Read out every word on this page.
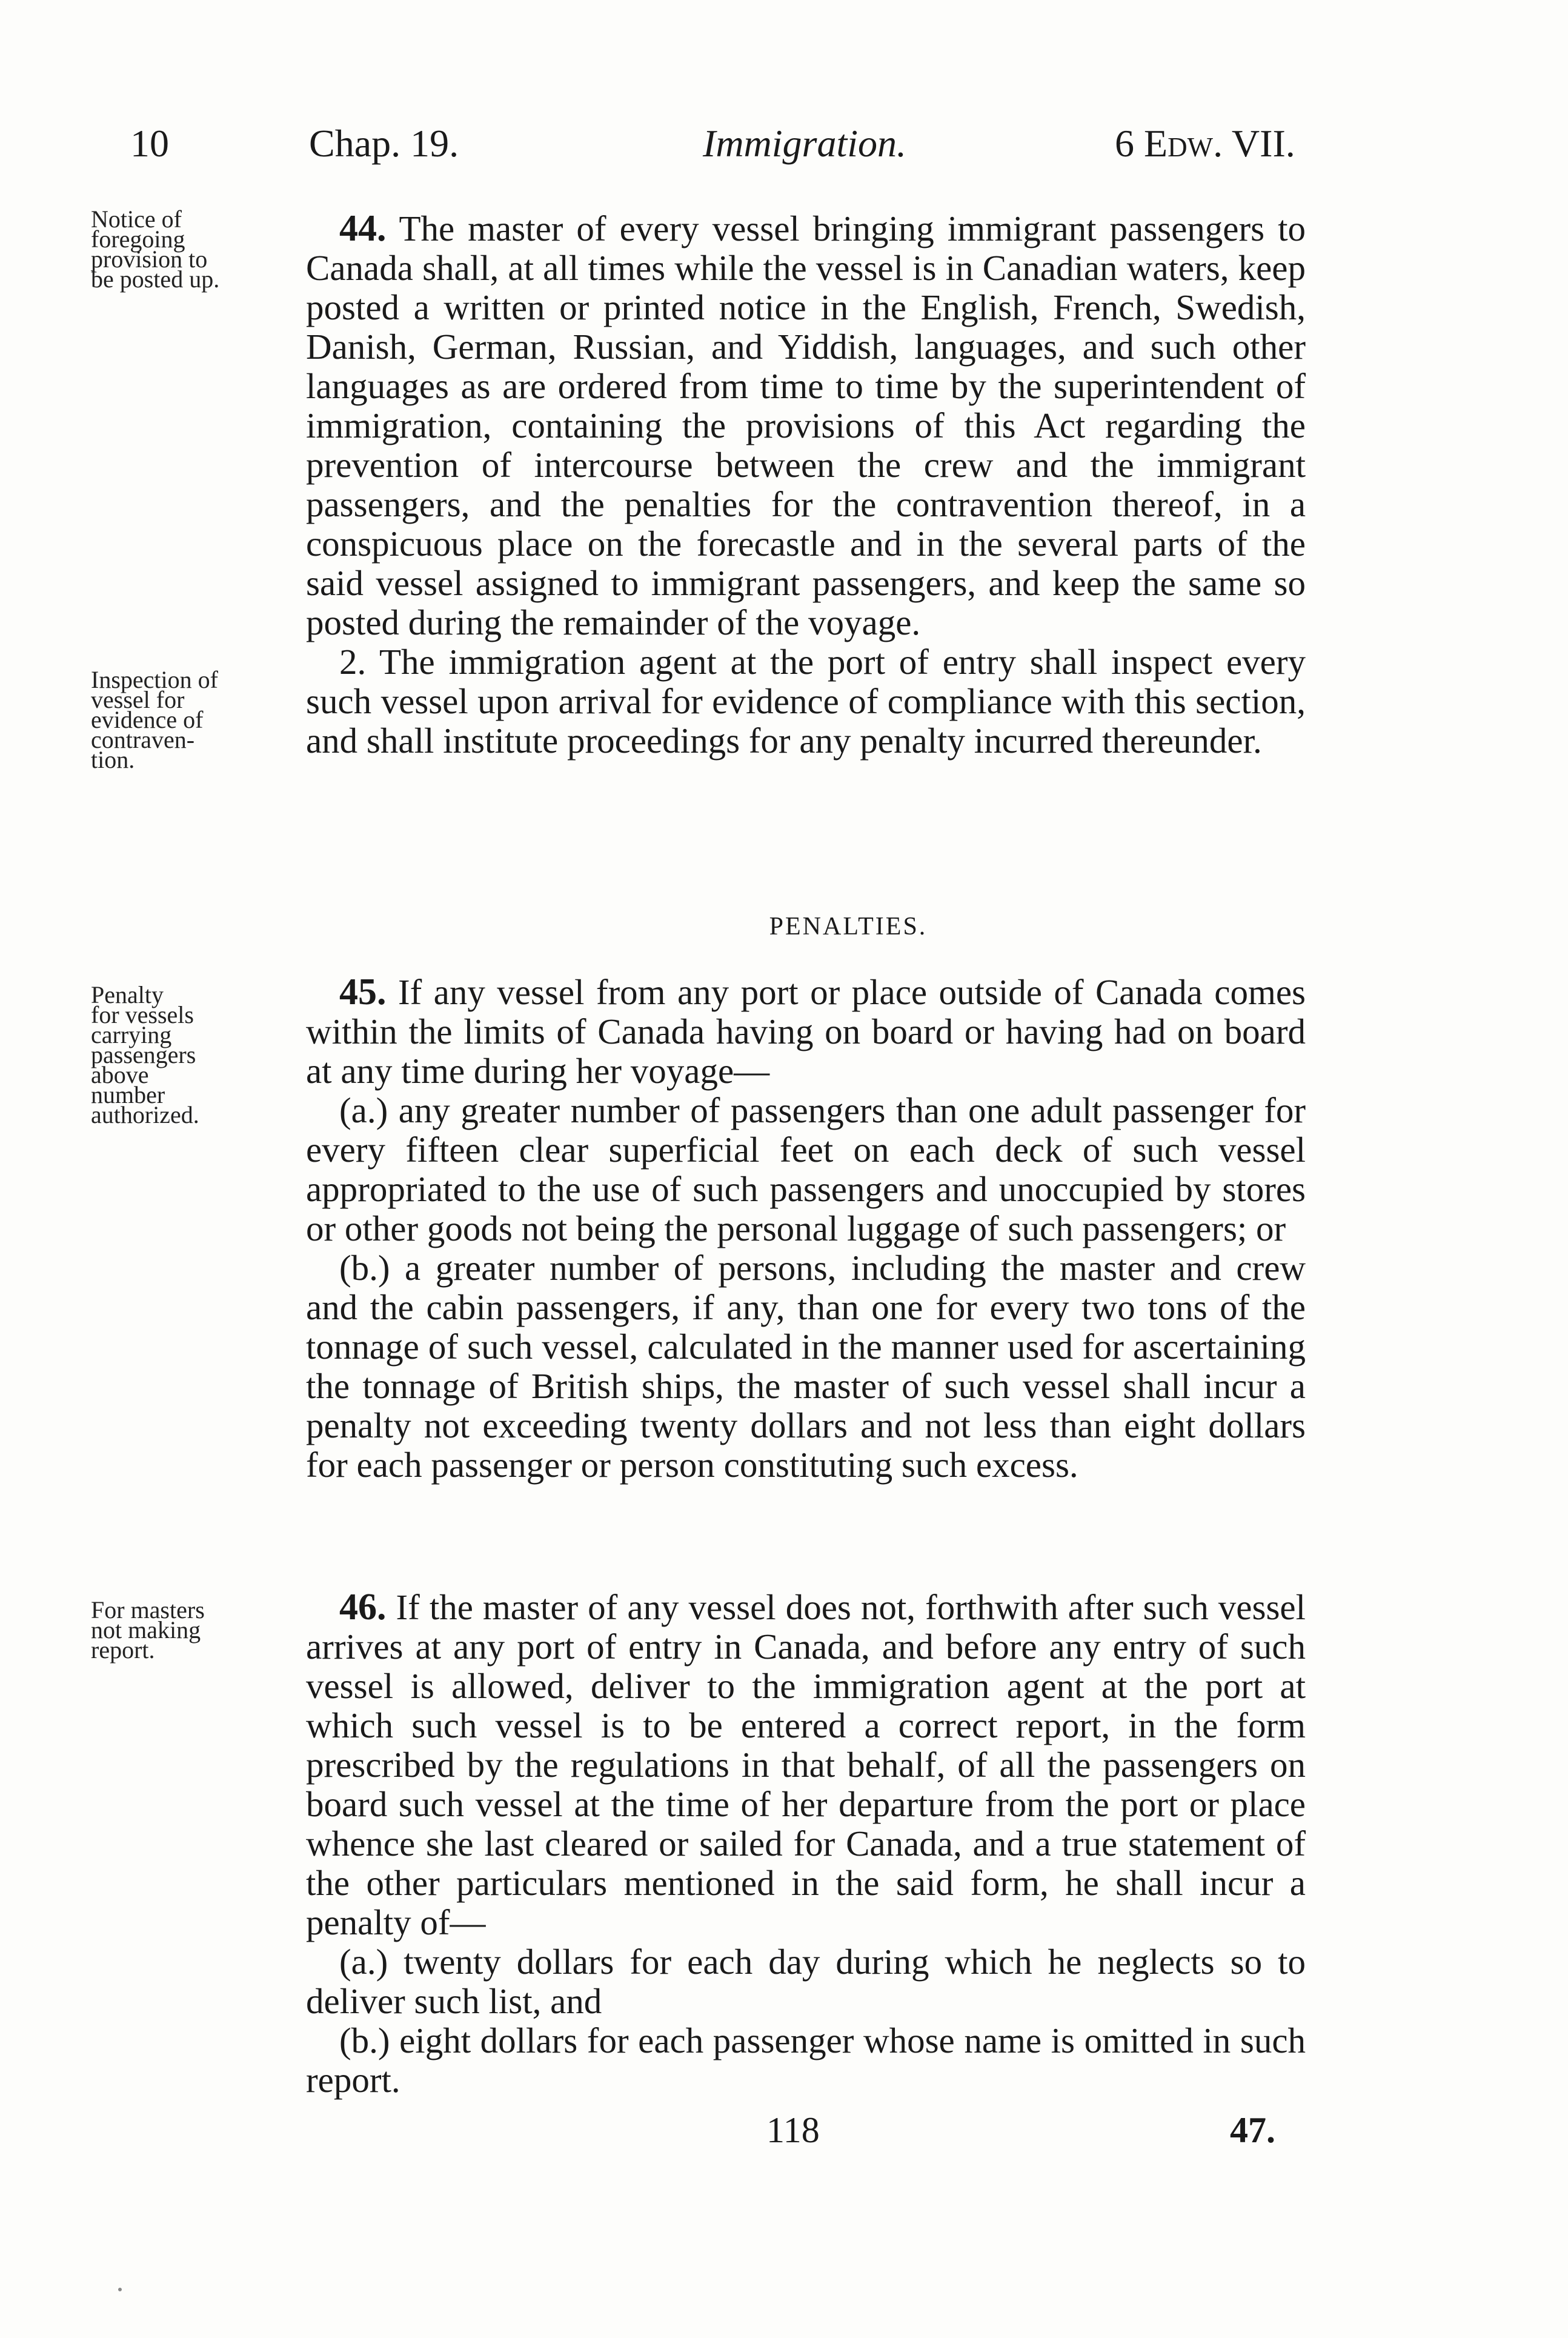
10	Chap. 19.	Immigration.	6 Edw. VII.
Notice of
foregoing
provision to
be posted up.
Inspection of
vessel for
evidence of
contraven-
tion.
Penalty
for vessels
carrying
passengers
above
number
authorized.
For masters
not making
report.

44. The master of every vessel bringing immigrant passengers to Canada shall, at all times while the vessel is in Canadian waters, keep posted a written or printed notice in the English, French, Swedish, Danish, German, Russian, and Yiddish, languages, and such other languages as are ordered from time to time by the superintendent of immigration, containing the provisions of this Act regarding the prevention of intercourse between the crew and the immigrant passengers, and the penalties for the contravention thereof, in a conspicuous place on the forecastle and in the several parts of the said vessel assigned to immigrant passengers, and keep the same so posted during the remainder of the voyage.

2. The immigration agent at the port of entry shall inspect every such vessel upon arrival for evidence of compliance with this section, and shall institute proceedings for any penalty incurred thereunder.

PENALTIES.

45. If any vessel from any port or place outside of Canada comes within the limits of Canada having on board or having had on board at any time during her voyage—

(a.) any greater number of passengers than one adult passenger for every fifteen clear superficial feet on each deck of such vessel appropriated to the use of such passengers and unoccupied by stores or other goods not being the personal luggage of such passengers; or

(b.) a greater number of persons, including the master and crew and the cabin passengers, if any, than one for every two tons of the tonnage of such vessel, calculated in the manner used for ascertaining the tonnage of British ships, the master of such vessel shall incur a penalty not exceeding twenty dollars and not less than eight dollars for each passenger or person constituting such excess.

46. If the master of any vessel does not, forthwith after such vessel arrives at any port of entry in Canada, and before any entry of such vessel is allowed, deliver to the immigration agent at the port at which such vessel is to be entered a correct report, in the form prescribed by the regulations in that behalf, of all the passengers on board such vessel at the time of her departure from the port or place whence she last cleared or sailed for Canada, and a true statement of the other particulars mentioned in the said form, he shall incur a penalty of—

(a.) twenty dollars for each day during which he neglects so to deliver such list, and

(b.) eight dollars for each passenger whose name is omitted in such report.

118	47.
